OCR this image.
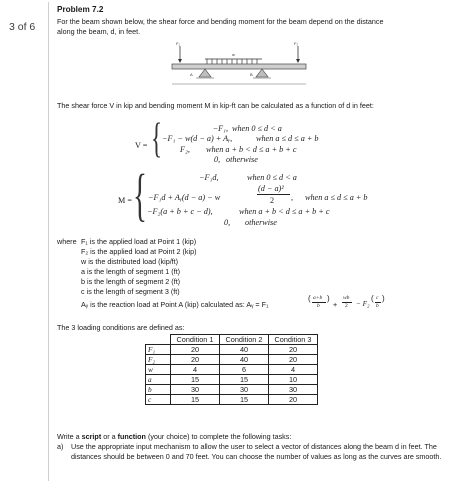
3 of 6
Problem 7.2
For the beam shown below, the shear force and bending moment for the beam depend on the distance
along the beam, d, in feet.
F₁	F₂
w
A	B
The shear force V in kip and bending moment M in kip-ft can be calculated as a function of d in feet:
V = {	−F₁, when 0 ≤ d < a
−F₁ − w(d − a) + Aᵧ,	when a ≤ d ≤ a + b
F₂, when a + b < d ≤ a + b + c
0, otherwise
M = {	−F₁d,	when 0 ≤ d < a
−F₁d + Aᵧ(d − a) − w
(d − a)²
2 , when a ≤ d ≤ a + b
−F₂(a + b + c − d),	when a + b < d ≤ a + b + c
0, otherwise
where F₁ is the applied load at Point 1 (kip)
F₂ is the applied load at Point 2 (kip)
w is the distributed load (kip/ft)
a is the length of segment 1 (ft)
b is the length of segment 2 (ft)
c is the length of segment 3 (ft)
Aᵧ is the reaction load at Point A (kip) calculated as: Aᵧ = F₁
( a+b
b
)
+
wb
2 − F₂
( c
b
)
The 3 loading conditions are defined as:
	Condition 1	Condition 2	Condition 3
F₁	20	40	20
F₂	20	40	20
w	4	6	4
a	15	15	10
b	30	30	30
c	15	15	20
Write a script or a function (your choice) to complete the following tasks:
a) Use the appropriate input mechanism to allow the user to select a vector of distances along the beam d in feet. The distances should be between 0 and 70 feet. You can choose the number of values as long as the curves are smooth.
